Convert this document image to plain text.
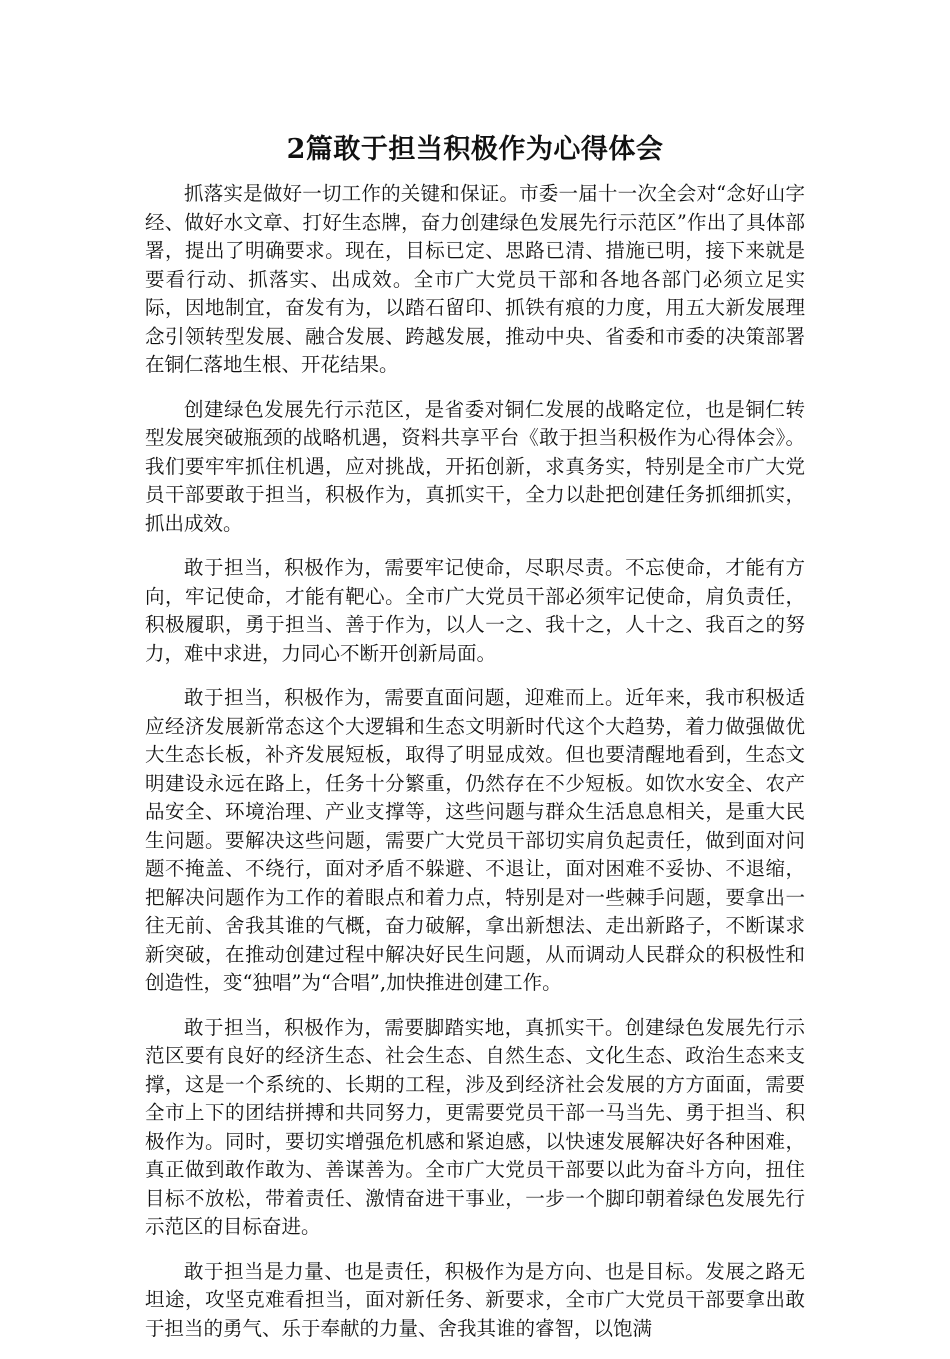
2篇敢于担当积极作为心得体会

抓落实是做好一切工作的关键和保证。市委一届十一次全会对“念好山字经、做好水文章、打好生态牌，奋力创建绿色发展先行示范区”作出了具体部署，提出了明确要求。现在，目标已定、思路已清、措施已明，接下来就是要看行动、抓落实、出成效。全市广大党员干部和各地各部门必须立足实际，因地制宜，奋发有为，以踏石留印、抓铁有痕的力度，用五大新发展理念引领转型发展、融合发展、跨越发展，推动中央、省委和市委的决策部署在铜仁落地生根、开花结果。

创建绿色发展先行示范区，是省委对铜仁发展的战略定位，也是铜仁转型发展突破瓶颈的战略机遇，资料共享平台《敢于担当积极作为心得体会》。我们要牢牢抓住机遇，应对挑战，开拓创新，求真务实，特别是全市广大党员干部要敢于担当，积极作为，真抓实干，全力以赴把创建任务抓细抓实，抓出成效。

敢于担当，积极作为，需要牢记使命，尽职尽责。不忘使命，才能有方向，牢记使命，才能有靶心。全市广大党员干部必须牢记使命，肩负责任，积极履职，勇于担当、善于作为，以人一之、我十之，人十之、我百之的努力，难中求进，力同心不断开创新局面。

敢于担当，积极作为，需要直面问题，迎难而上。近年来，我市积极适应经济发展新常态这个大逻辑和生态文明新时代这个大趋势，着力做强做优大生态长板，补齐发展短板，取得了明显成效。但也要清醒地看到，生态文明建设永远在路上，任务十分繁重，仍然存在不少短板。如饮水安全、农产品安全、环境治理、产业支撑等，这些问题与群众生活息息相关，是重大民生问题。要解决这些问题，需要广大党员干部切实肩负起责任，做到面对问题不掩盖、不绕行，面对矛盾不躲避、不退让，面对困难不妥协、不退缩，把解决问题作为工作的着眼点和着力点，特别是对一些棘手问题，要拿出一往无前、舍我其谁的气概，奋力破解，拿出新想法、走出新路子，不断谋求新突破，在推动创建过程中解决好民生问题，从而调动人民群众的积极性和创造性，变“独唱”为“合唱”,加快推进创建工作。

敢于担当，积极作为，需要脚踏实地，真抓实干。创建绿色发展先行示范区要有良好的经济生态、社会生态、自然生态、文化生态、政治生态来支撑，这是一个系统的、长期的工程，涉及到经济社会发展的方方面面，需要全市上下的团结拼搏和共同努力，更需要党员干部一马当先、勇于担当、积极作为。同时，要切实增强危机感和紧迫感，以快速发展解决好各种困难，真正做到敢作敢为、善谋善为。全市广大党员干部要以此为奋斗方向，扭住目标不放松，带着责任、激情奋进干事业，一步一个脚印朝着绿色发展先行示范区的目标奋进。

敢于担当是力量、也是责任，积极作为是方向、也是目标。发展之路无坦途，攻坚克难看担当，面对新任务、新要求，全市广大党员干部要拿出敢于担当的勇气、乐于奉献的力量、舍我其谁的睿智，以饱满
